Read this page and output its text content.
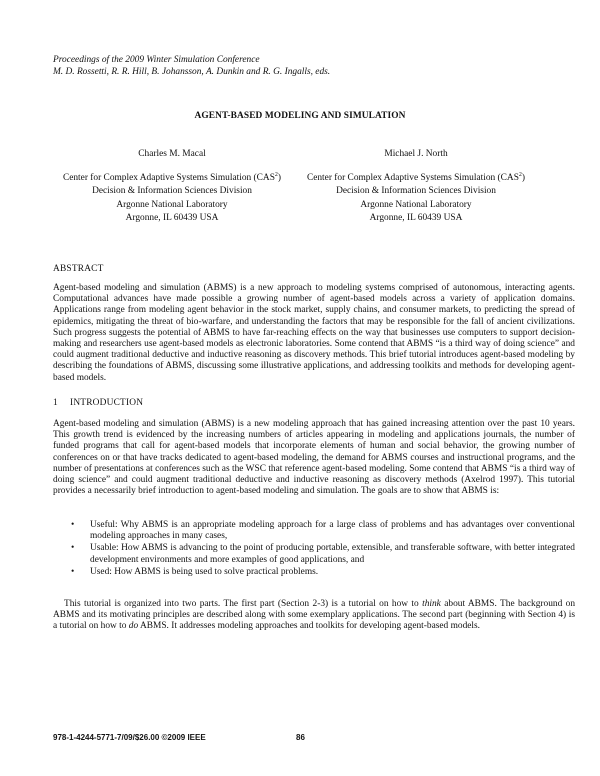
Proceedings of the 2009 Winter Simulation Conference
M. D. Rossetti, R. R. Hill, B. Johansson, A. Dunkin and R. G. Ingalls, eds.
AGENT-BASED MODELING AND SIMULATION
Charles M. Macal
Center for Complex Adaptive Systems Simulation (CAS$^2$)
Decision & Information Sciences Division
Argonne National Laboratory
Argonne, IL 60439 USA
Michael J. North
Center for Complex Adaptive Systems Simulation (CAS$^2$)
Decision & Information Sciences Division
Argonne National Laboratory
Argonne, IL 60439 USA
ABSTRACT
Agent-based modeling and simulation (ABMS) is a new approach to modeling systems comprised of autonomous, interacting agents. Computational advances have made possible a growing number of agent-based models across a variety of application domains. Applications range from modeling agent behavior in the stock market, supply chains, and consumer markets, to predicting the spread of epidemics, mitigating the threat of bio-warfare, and understanding the factors that may be responsible for the fall of ancient civilizations. Such progress suggests the potential of ABMS to have far-reaching effects on the way that businesses use computers to support decision-making and researchers use agent-based models as electronic laboratories. Some contend that ABMS “is a third way of doing science” and could augment traditional deductive and inductive reasoning as discovery methods. This brief tutorial introduces agent-based modeling by describing the foundations of ABMS, discussing some illustrative applications, and addressing toolkits and methods for developing agent-based models.
1 INTRODUCTION
Agent-based modeling and simulation (ABMS) is a new modeling approach that has gained increasing attention over the past 10 years. This growth trend is evidenced by the increasing numbers of articles appearing in modeling and applications journals, the number of funded programs that call for agent-based models that incorporate elements of human and social behavior, the growing number of conferences on or that have tracks dedicated to agent-based modeling, the demand for ABMS courses and instructional programs, and the number of presentations at conferences such as the WSC that reference agent-based modeling. Some contend that ABMS “is a third way of doing science” and could augment traditional deductive and inductive reasoning as discovery methods (Axelrod 1997). This tutorial provides a necessarily brief introduction to agent-based modeling and simulation. The goals are to show that ABMS is:
• Useful: Why ABMS is an appropriate modeling approach for a large class of problems and has advantages over conventional modeling approaches in many cases,
• Usable: How ABMS is advancing to the point of producing portable, extensible, and transferable software, with better integrated development environments and more examples of good applications, and
• Used: How ABMS is being used to solve practical problems.
This tutorial is organized into two parts. The first part (Section 2-3) is a tutorial on how to think about ABMS. The background on ABMS and its motivating principles are described along with some exemplary applications. The second part (beginning with Section 4) is a tutorial on how to do ABMS. It addresses modeling approaches and toolkits for developing agent-based models.
978-1-4244-5771-7/09/$26.00 ©2009 IEEE	86
